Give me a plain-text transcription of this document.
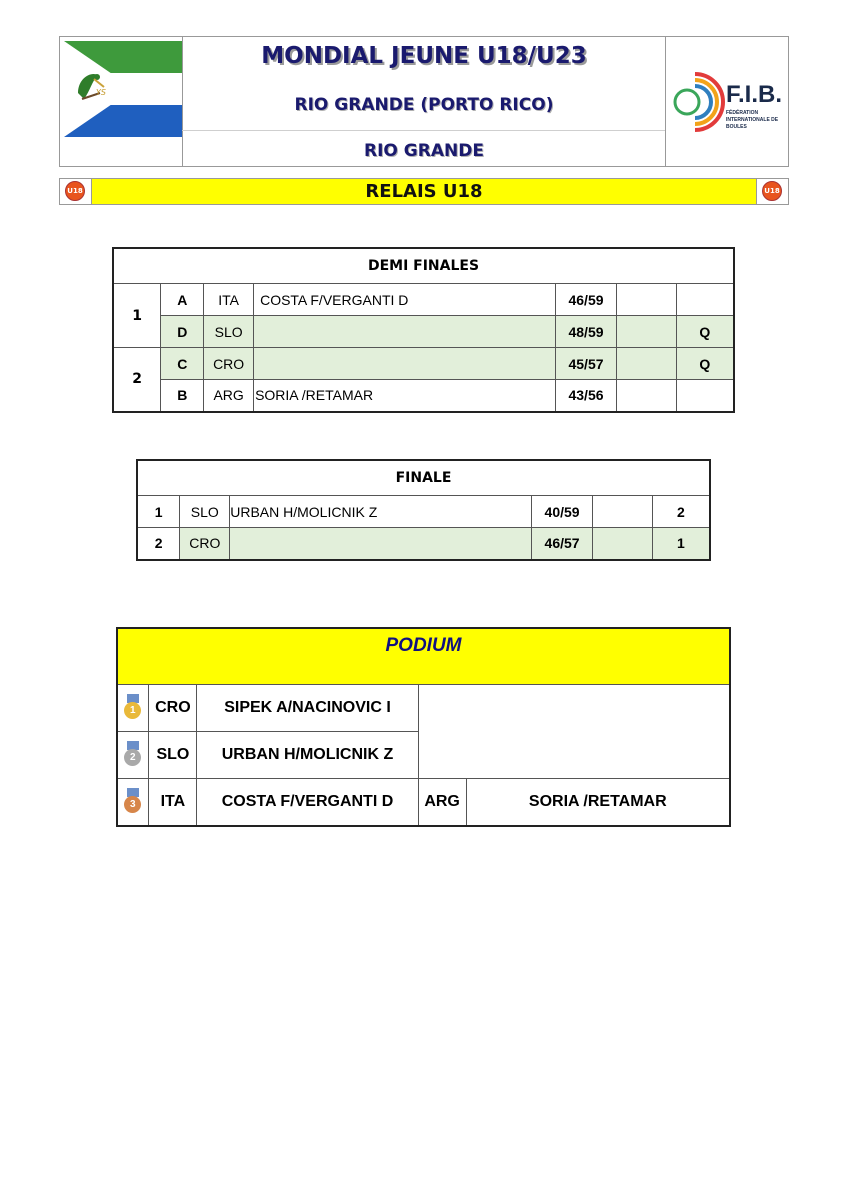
YS
MONDIAL JEUNE U18/U23
RIO GRANDE (PORTO RICO)
RIO GRANDE
F.I.B.
FÉDÉRATION INTERNATIONALE DE BOULES
U18	RELAIS U18	U18
DEMI FINALES						
1	A	ITA	COSTA F/VERGANTI D	46/59		
	D	SLO		48/59		Q
2	C	CRO		45/57		Q
	B	ARG	SORIA /RETAMAR	43/56		
FINALE					
1	SLO	URBAN H/MOLICNIK Z	40/59		2
2	CRO		46/57		1
PODIUM				

1	CRO	SIPEK A/NACINOVIC I		

2	SLO	URBAN H/MOLICNIK Z		

3	ITA	COSTA F/VERGANTI D	ARG	SORIA /RETAMAR
